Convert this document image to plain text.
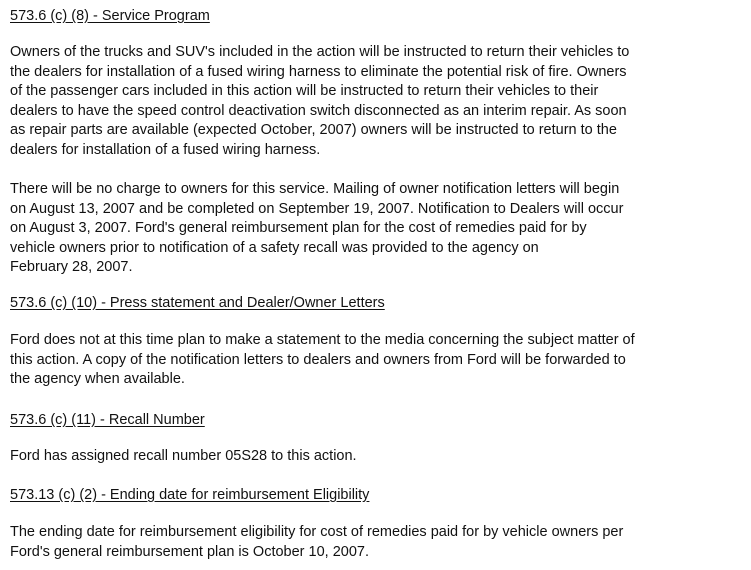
573.6 (c) (8) - Service Program

Owners of the trucks and SUV's included in the action will be instructed to return their vehicles to
the dealers for installation of a fused wiring harness to eliminate the potential risk of fire. Owners
of the passenger cars included in this action will be instructed to return their vehicles to their
dealers to have the speed control deactivation switch disconnected as an interim repair. As soon
as repair parts are available (expected October, 2007) owners will be instructed to return to the
dealers for installation of a fused wiring harness.

There will be no charge to owners for this service. Mailing of owner notification letters will begin
on August 13, 2007 and be completed on September 19, 2007. Notification to Dealers will occur
on August 3, 2007. Ford's general reimbursement plan for the cost of remedies paid for by
vehicle owners prior to notification of a safety recall was provided to the agency on
February 28, 2007.

573.6 (c) (10) - Press statement and Dealer/Owner Letters

Ford does not at this time plan to make a statement to the media concerning the subject matter of
this action. A copy of the notification letters to dealers and owners from Ford will be forwarded to
the agency when available.

573.6 (c) (11) - Recall Number

Ford has assigned recall number 05S28 to this action.

573.13 (c) (2) - Ending date for reimbursement Eligibility

The ending date for reimbursement eligibility for cost of remedies paid for by vehicle owners per
Ford's general reimbursement plan is October 10, 2007.
